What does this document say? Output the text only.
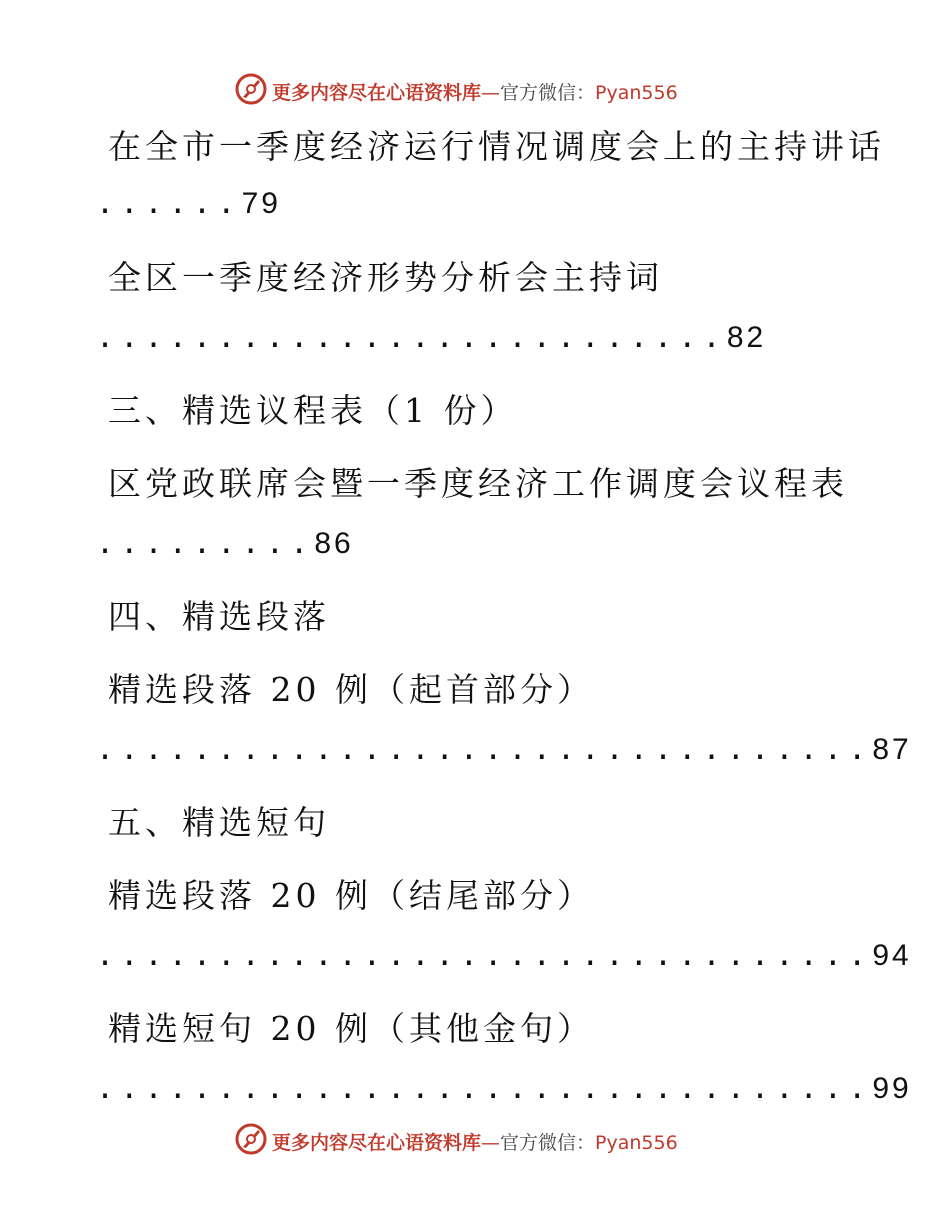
更多内容尽在心语资料库—官方微信：Pyan556
在全市一季度经济运行情况调度会上的主持讲话
......79
全区一季度经济形势分析会主持词
..........................82
三、精选议程表（1 份）
区党政联席会暨一季度经济工作调度会议程表
.........86
四、精选段落
精选段落 20 例（起首部分）
................................87
五、精选短句
精选段落 20 例（结尾部分）
................................94
精选短句 20 例（其他金句）
................................99
更多内容尽在心语资料库—官方微信：Pyan556
